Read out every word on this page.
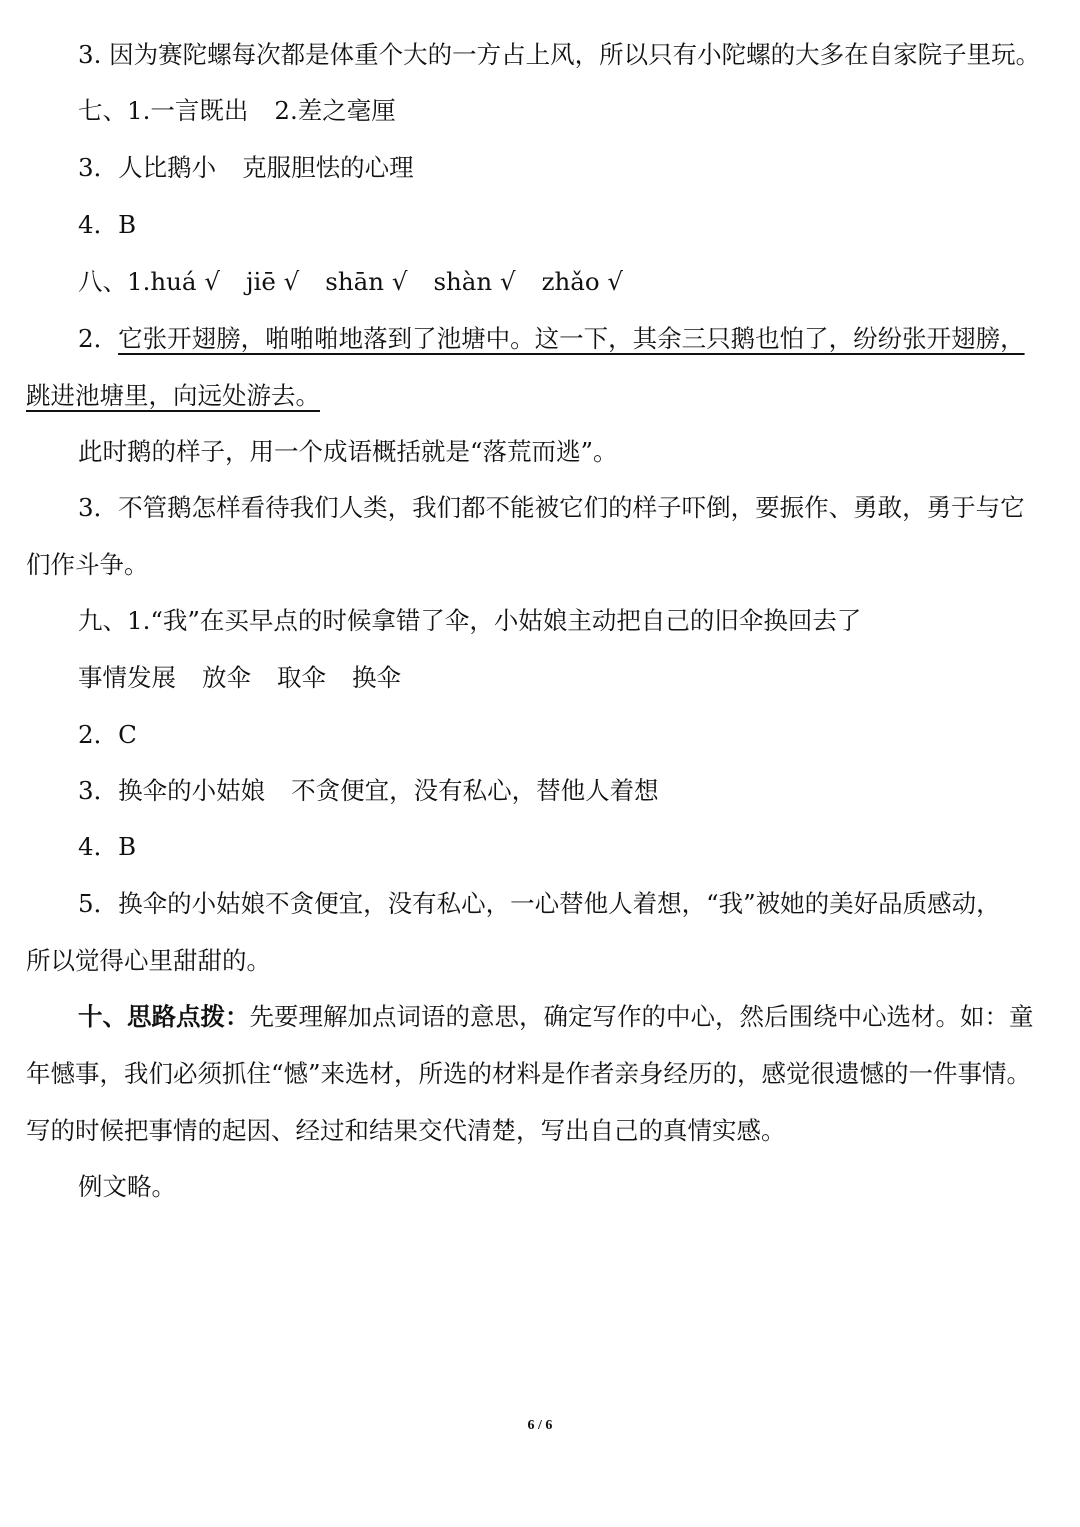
3. 因为赛陀螺每次都是体重个大的一方占上风，所以只有小陀螺的大多在自家院子里玩。
七、1.一言既出 2.差之毫厘
3．人比鹅小 克服胆怯的心理
4．B
八、1.huá √ jiē √ shān √ shàn √ zhǎo √
2．它张开翅膀，啪啪啪地落到了池塘中。这一下，其余三只鹅也怕了，纷纷张开翅膀，
跳进池塘里，向远处游去。
此时鹅的样子，用一个成语概括就是“落荒而逃”。
3．不管鹅怎样看待我们人类，我们都不能被它们的样子吓倒，要振作、勇敢，勇于与它
们作斗争。
九、1.“我”在买早点的时候拿错了伞，小姑娘主动把自己的旧伞换回去了
事情发展 放伞 取伞 换伞
2．C
3．换伞的小姑娘 不贪便宜，没有私心，替他人着想
4．B
5．换伞的小姑娘不贪便宜，没有私心，一心替他人着想，“我”被她的美好品质感动，
所以觉得心里甜甜的。
十、思路点拨：先要理解加点词语的意思，确定写作的中心，然后围绕中心选材。如：童
年憾事，我们必须抓住“憾”来选材，所选的材料是作者亲身经历的，感觉很遗憾的一件事情。
写的时候把事情的起因、经过和结果交代清楚，写出自己的真情实感。
例文略。
6 / 6
